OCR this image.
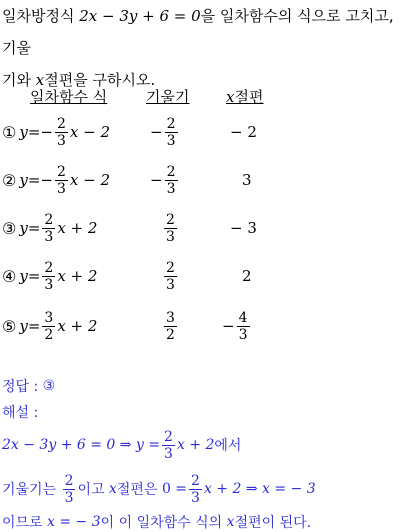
일차방정식 2x − 3y + 6 = 0을 일차함수의 식으로 고치고, 기울
기와 x절편을 구하시오.
일차함수 식	기울기 x절편
① $y=- \frac{2}{3}$ x − 2	− $\frac{2}{3}$	− 2
② $y=- \frac{2}{3}$ x − 2	− $\frac{2}{3}$	3
③ $y= \frac{2}{3}$ x + 2	$\frac{2}{3}$	− 3
④ $y= \frac{2}{3}$ x + 2	$\frac{2}{3}$	2
⑤ $y= \frac{3}{2}$ x + 2	$\frac{3}{2}$	− $\frac{4}{3}$
정답 :
③
해설 :
2x − 3y + 6 = 0 ⇒ $y = \frac{2}{3}$ x + 2 에서
기울기는
$\frac{2}{3}$ 이고
x 절편은
$0 = \frac{2}{3}$ x + 2 ⇒ x = − 3
이므로
x = − 3 이 이 일차함수 식의
x 절편이 된다.
